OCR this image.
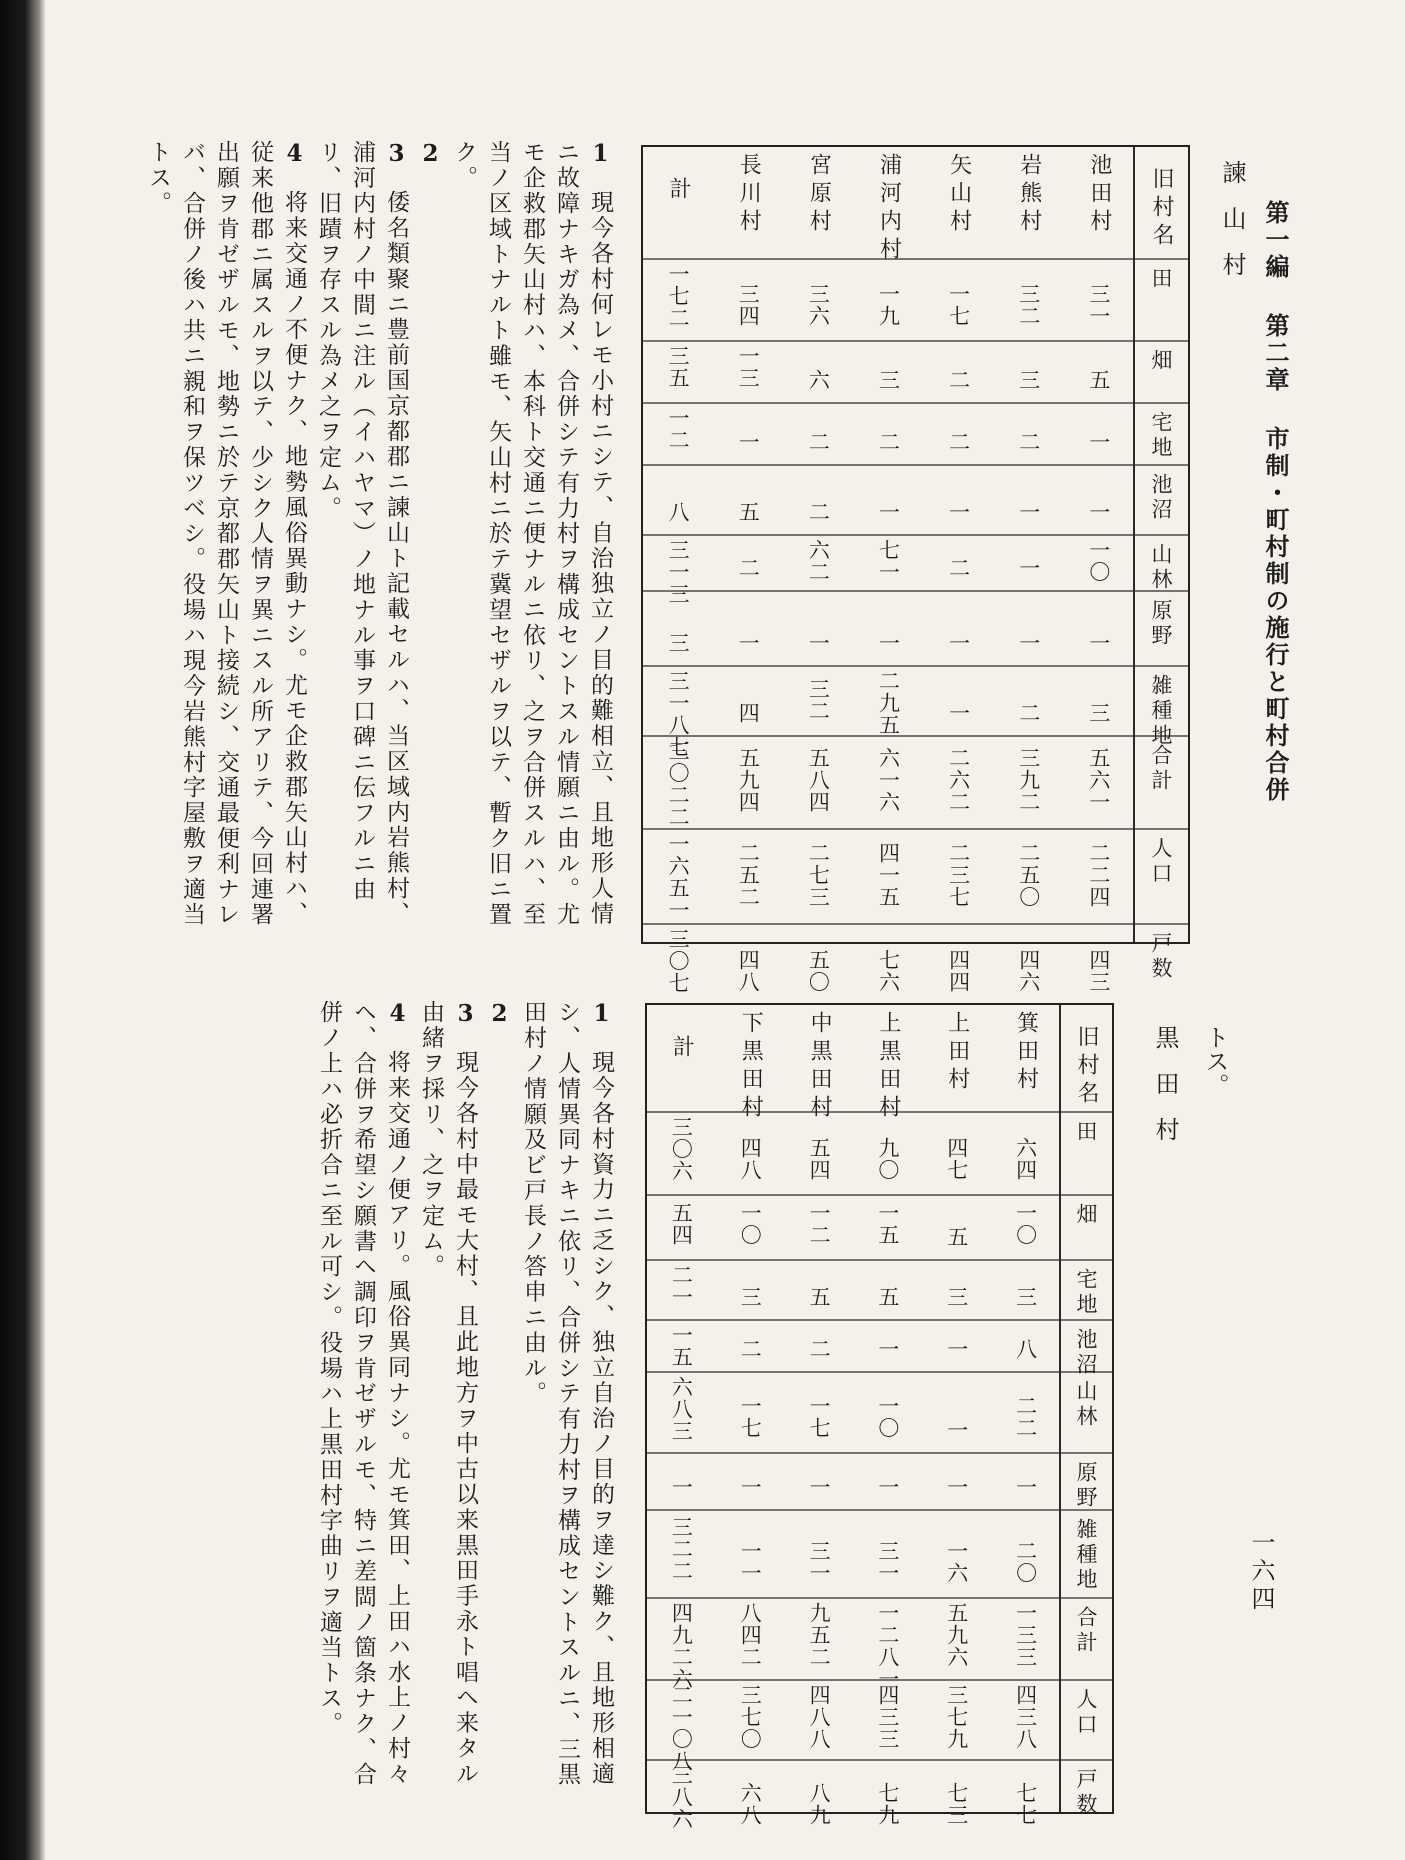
第一編 第二章 市制・町村制の施行と町村合併
一六四
諫山村
旧村名
田
畑
宅地
池沼
山林
原野
雑種地
合計
人口
戸数
池田村
三一
五
一
一
一〇
一
三
五六一
二二四
四三
岩熊村
三二
三
二
一
一
一
二
三九二
二五〇
四六
矢山村
一七
二
二
一
二
一
一
二六二
二三七
四四
浦河内村
一九
三
二
一
七一
一
二九五
六一六
四一五
七六
宮原村
三六
六
二
二
六二
一
三二
五八四
二七三
五〇
長川村
三四
一三
一
五
二
一
四
五九四
二五二
四八
計
一七二
三五
一二
八
三一三
三
三一八七
三〇二二
一六五一
三〇七

1　現今各村何レモ小村ニシテ、自治独立ノ目的難相立、且地形人情ニ故障ナキガ為メ、合併シテ有力村ヲ構成セントスル情願ニ由ル。尤モ企救郡矢山村ハ、本科ト交通ニ便ナルニ依リ、之ヲ合併スルハ、至当ノ区域トナルト雖モ、矢山村ニ於テ冀望セザルヲ以テ、暫ク旧ニ置ク。

2　

3　倭名類聚ニ豊前国京都郡ニ諫山ト記載セルハ、当区域内岩熊村、浦河内村ノ中間ニ注ル（イハヤマ）ノ地ナル事ヲ口碑ニ伝フルニ由リ、旧蹟ヲ存スル為メ之ヲ定ム。

4　将来交通ノ不便ナク、地勢風俗異動ナシ。尤モ企救郡矢山村ハ、従来他郡ニ属スルヲ以テ、少シク人情ヲ異ニスル所アリテ、今回連署出願ヲ肯ゼザルモ、地勢ニ於テ京都郡矢山ト接続シ、交通最便利ナレバ、合併ノ後ハ共ニ親和ヲ保ツベシ。役場ハ現今岩熊村字屋敷ヲ適当トス。

トス。
黒田村
旧村名
田
畑
宅地
池沼
山林
原野
雑種地
合計
人口
戸数
箕田村
六四
一〇
三
八
二二
一
二〇
一三三
四三八
七七
上田村
四七
五
三
一
一
一
一六
五九六
三七九
七三
上黒田村
九〇
一五
五
一
一〇
一
三一
一二八一
四三三
七九
中黒田村
五四
一二
五
二
一七
一
三一
九五二
四八八
八九
下黒田村
四八
一〇
三
二
一七
一
一一
八四二
三七〇
六八
計
三〇六
五四
二一
一五
六八三
一
三二二
四九二六
二一〇八
三八六

1　現今各村資力ニ乏シク、独立自治ノ目的ヲ達シ難ク、且地形相適シ、人情異同ナキニ依リ、合併シテ有力村ヲ構成セントスルニ、三黒田村ノ情願及ビ戸長ノ答申ニ由ル。

2　

3　現今各村中最モ大村、且此地方ヲ中古以来黒田手永ト唱ヘ来タル由緒ヲ採リ、之ヲ定ム。

4　将来交通ノ便アリ。風俗異同ナシ。尤モ箕田、上田ハ水上ノ村々ヘ、合併ヲ希望シ願書ヘ調印ヲ肯ゼザルモ、特ニ差閊ノ箇条ナク、合併ノ上ハ必折合ニ至ル可シ。役場ハ上黒田村字曲リヲ適当トス。
